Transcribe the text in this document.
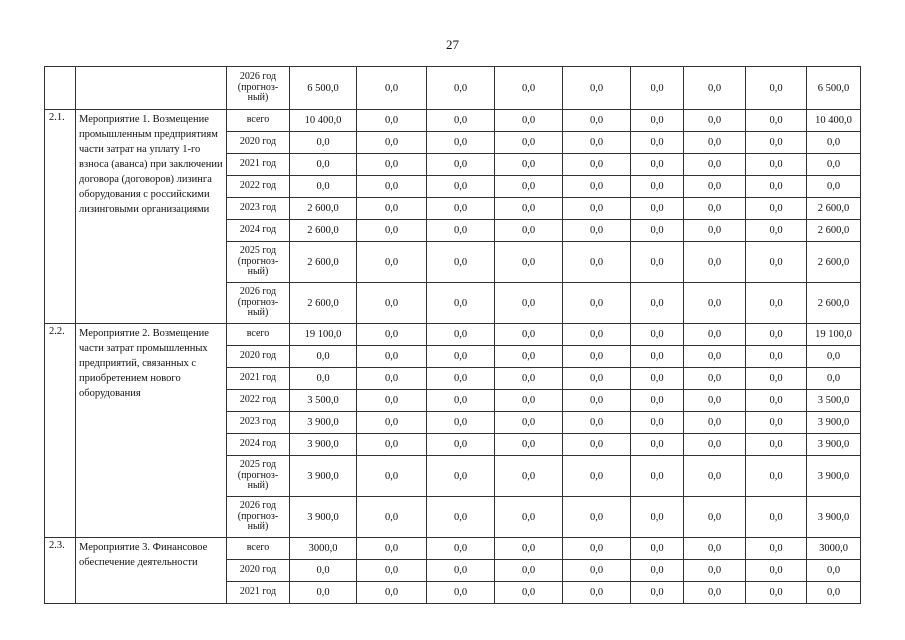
27
		2026 год
(прогноз-
ный)	6 500,0	0,0	0,0	0,0	0,0	0,0	0,0	0,0	6 500,0
2.1.	Мероприятие 1. Возмещение промышленным предприятиям части затрат на уплату 1-го взноса (аванса) при заключении договора (договоров) лизинга оборудования с российскими лизинговыми организациями	всего	10 400,0	0,0	0,0	0,0	0,0	0,0	0,0	0,0	10 400,0
		2020 год	0,0	0,0	0,0	0,0	0,0	0,0	0,0	0,0	0,0
		2021 год	0,0	0,0	0,0	0,0	0,0	0,0	0,0	0,0	0,0
		2022 год	0,0	0,0	0,0	0,0	0,0	0,0	0,0	0,0	0,0
		2023 год	2 600,0	0,0	0,0	0,0	0,0	0,0	0,0	0,0	2 600,0
		2024 год	2 600,0	0,0	0,0	0,0	0,0	0,0	0,0	0,0	2 600,0
		2025 год
(прогноз-
ный)	2 600,0	0,0	0,0	0,0	0,0	0,0	0,0	0,0	2 600,0
		2026 год
(прогноз-
ный)	2 600,0	0,0	0,0	0,0	0,0	0,0	0,0	0,0	2 600,0
2.2.	Мероприятие 2. Возмещение части затрат промышленных предприятий, связанных с приобретением нового оборудования	всего	19 100,0	0,0	0,0	0,0	0,0	0,0	0,0	0,0	19 100,0
		2020 год	0,0	0,0	0,0	0,0	0,0	0,0	0,0	0,0	0,0
		2021 год	0,0	0,0	0,0	0,0	0,0	0,0	0,0	0,0	0,0
		2022 год	3 500,0	0,0	0,0	0,0	0,0	0,0	0,0	0,0	3 500,0
		2023 год	3 900,0	0,0	0,0	0,0	0,0	0,0	0,0	0,0	3 900,0
		2024 год	3 900,0	0,0	0,0	0,0	0,0	0,0	0,0	0,0	3 900,0
		2025 год
(прогноз-
ный)	3 900,0	0,0	0,0	0,0	0,0	0,0	0,0	0,0	3 900,0
		2026 год
(прогноз-
ный)	3 900,0	0,0	0,0	0,0	0,0	0,0	0,0	0,0	3 900,0
2.3.	Мероприятие 3. Финансовое обеспечение деятельности	всего	3000,0	0,0	0,0	0,0	0,0	0,0	0,0	0,0	3000,0
		2020 год	0,0	0,0	0,0	0,0	0,0	0,0	0,0	0,0	0,0
		2021 год	0,0	0,0	0,0	0,0	0,0	0,0	0,0	0,0	0,0
